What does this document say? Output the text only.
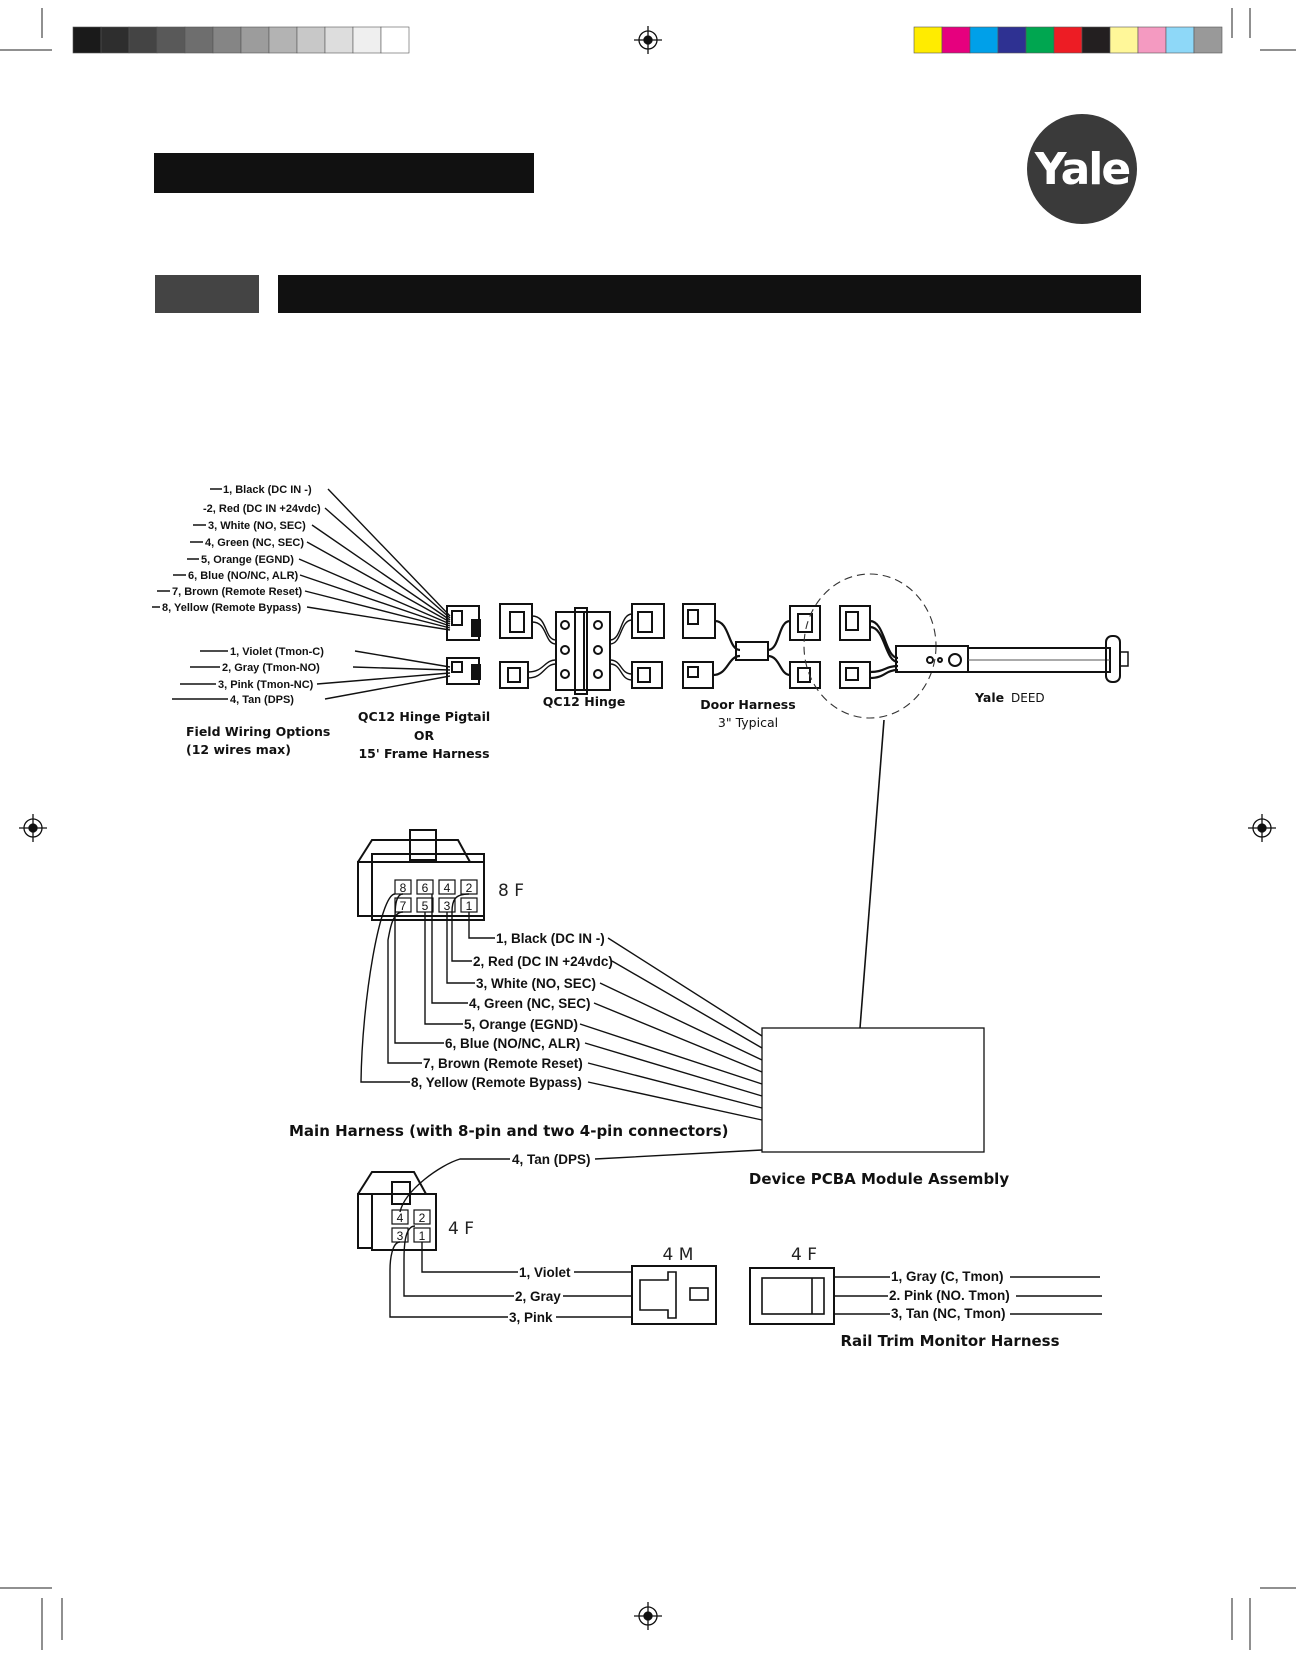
Yale
1, Black (DC IN -)
-2, Red (DC IN +24vdc)
3, White (NO, SEC)
4, Green (NC, SEC)
5, Orange (EGND)
6, Blue (NO/NC, ALR)
7, Brown (Remote Reset)
8, Yellow (Remote Bypass)
1, Violet (Tmon-C)
2, Gray (Tmon-NO)
3, Pink (Tmon-NC)
4, Tan (DPS)
Field Wiring Options
(12 wires max)
QC12 Hinge Pigtail
OR
15' Frame Harness
QC12 Hinge	Door Harness
3" Typical
Yale DEED
8 6 4 2
7 5 3 1
8 F
1, Black (DC IN -)
2, Red (DC IN +24vdc)
3, White (NO, SEC)
4, Green (NC, SEC)
5, Orange (EGND)
6, Blue (NO/NC, ALR)
7, Brown (Remote Reset)
8, Yellow (Remote Bypass)
Device PCBA Module Assembly
Main Harness (with 8-pin and two 4-pin connectors)
4 2
3 1 4 F
4, Tan (DPS)
1, Violet
2, Gray
3, Pink
4 M	4 F
1, Gray (C, Tmon)
2. Pink (NO. Tmon)
3, Tan (NC, Tmon)
Rail Trim Monitor Harness
